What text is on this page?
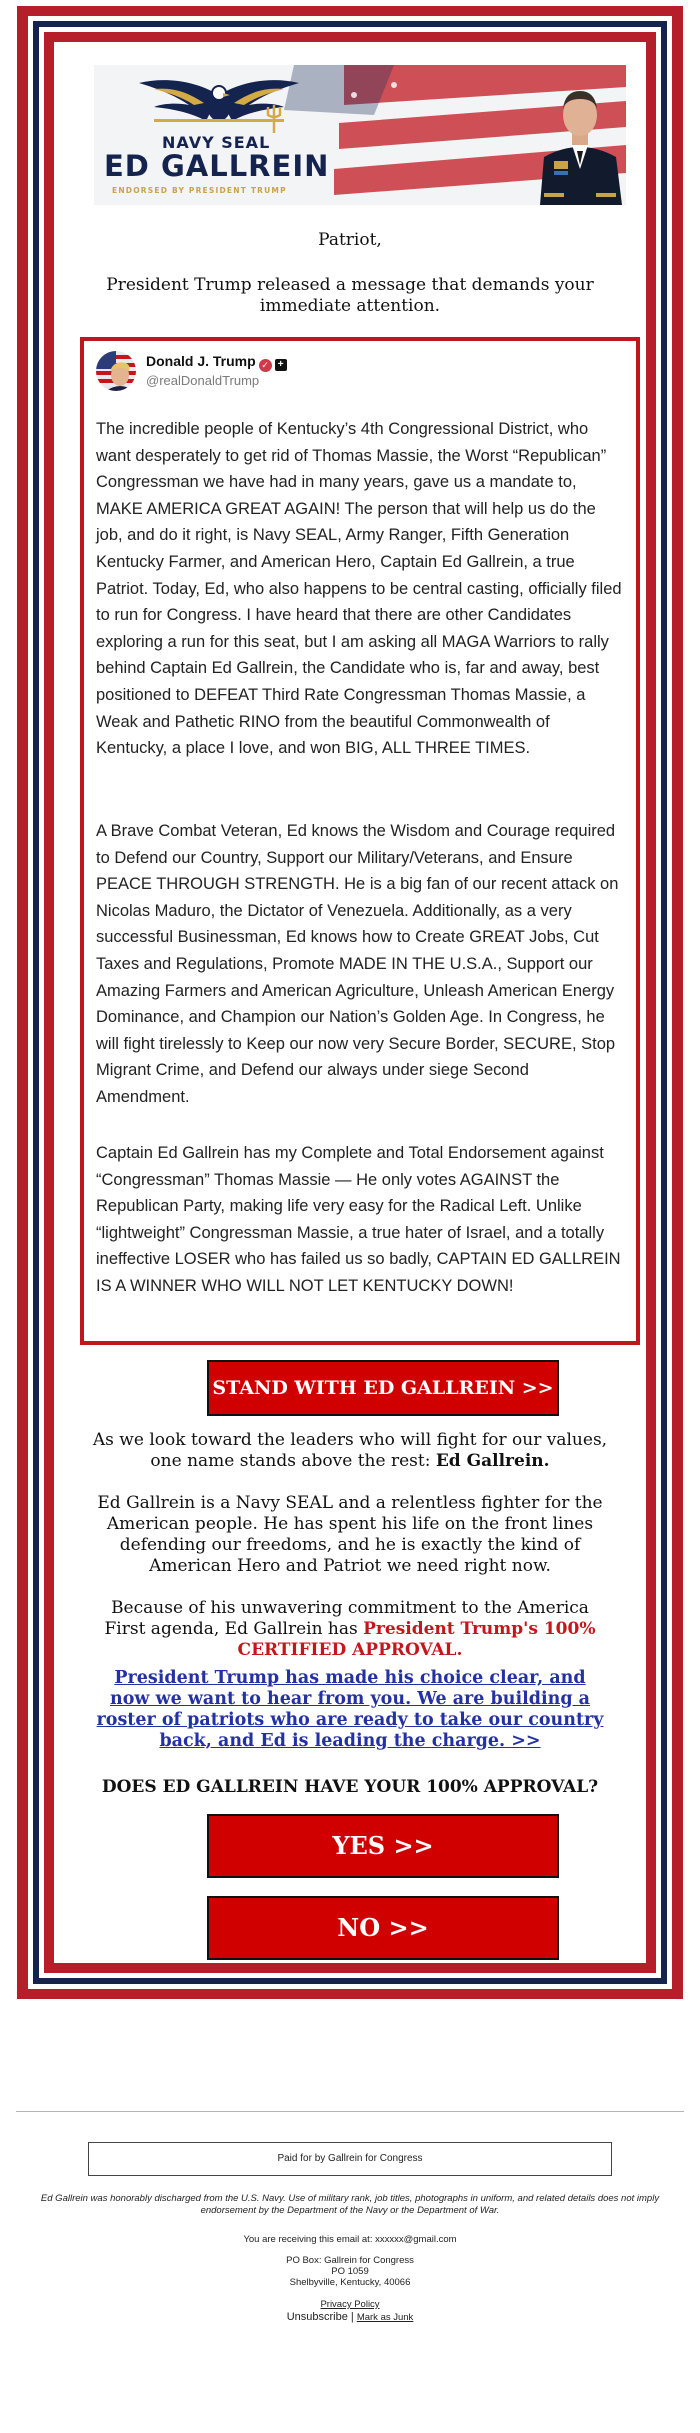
NAVY SEAL
ED GALLREIN
ENDORSED BY PRESIDENT TRUMP
Patriot,
President Trump released a message that demands your immediate attention.
Donald J. Trump ✓ +
@realDonaldTrump
The incredible people of Kentucky’s 4th Congressional District, who want desperately to get rid of Thomas Massie, the Worst “Republican” Congressman we have had in many years, gave us a mandate to, MAKE AMERICA GREAT AGAIN! The person that will help us do the job, and do it right, is Navy SEAL, Army Ranger, Fifth Generation Kentucky Farmer, and American Hero, Captain Ed Gallrein, a true Patriot. Today, Ed, who also happens to be central casting, officially filed to run for Congress. I have heard that there are other Candidates exploring a run for this seat, but I am asking all MAGA Warriors to rally behind Captain Ed Gallrein, the Candidate who is, far and away, best positioned to DEFEAT Third Rate Congressman Thomas Massie, a Weak and Pathetic RINO from the beautiful Commonwealth of Kentucky, a place I love, and won BIG, ALL THREE TIMES.
A Brave Combat Veteran, Ed knows the Wisdom and Courage required to Defend our Country, Support our Military/Veterans, and Ensure PEACE THROUGH STRENGTH. He is a big fan of our recent attack on Nicolas Maduro, the Dictator of Venezuela. Additionally, as a very successful Businessman, Ed knows how to Create GREAT Jobs, Cut Taxes and Regulations, Promote MADE IN THE U.S.A., Support our Amazing Farmers and American Agriculture, Unleash American Energy Dominance, and Champion our Nation’s Golden Age. In Congress, he will fight tirelessly to Keep our now very Secure Border, SECURE, Stop Migrant Crime, and Defend our always under siege Second Amendment.
Captain Ed Gallrein has my Complete and Total Endorsement against “Congressman” Thomas Massie — He only votes AGAINST the Republican Party, making life very easy for the Radical Left. Unlike “lightweight” Congressman Massie, a true hater of Israel, and a totally ineffective LOSER who has failed us so badly, CAPTAIN ED GALLREIN IS A WINNER WHO WILL NOT LET KENTUCKY DOWN!
STAND WITH ED GALLREIN >>
As we look toward the leaders who will fight for our values, one name stands above the rest: Ed Gallrein.
Ed Gallrein is a Navy SEAL and a relentless fighter for the American people. He has spent his life on the front lines defending our freedoms, and he is exactly the kind of American Hero and Patriot we need right now.
Because of his unwavering commitment to the America First agenda, Ed Gallrein has President Trump's 100% CERTIFIED APPROVAL.
President Trump has made his choice clear, and now we want to hear from you. We are building a roster of patriots who are ready to take our country back, and Ed is leading the charge. >>
DOES ED GALLREIN HAVE YOUR 100% APPROVAL?
YES >>
NO >>
Paid for by Gallrein for Congress
Ed Gallrein was honorably discharged from the U.S. Navy. Use of military rank, job titles, photographs in uniform, and related details does not imply endorsement by the Department of the Navy or the Department of War.
You are receiving this email at: xxxxxx@gmail.com
PO Box: Gallrein for Congress
PO 1059
Shelbyville, Kentucky, 40066
Privacy Policy
Unsubscribe | Mark as Junk
